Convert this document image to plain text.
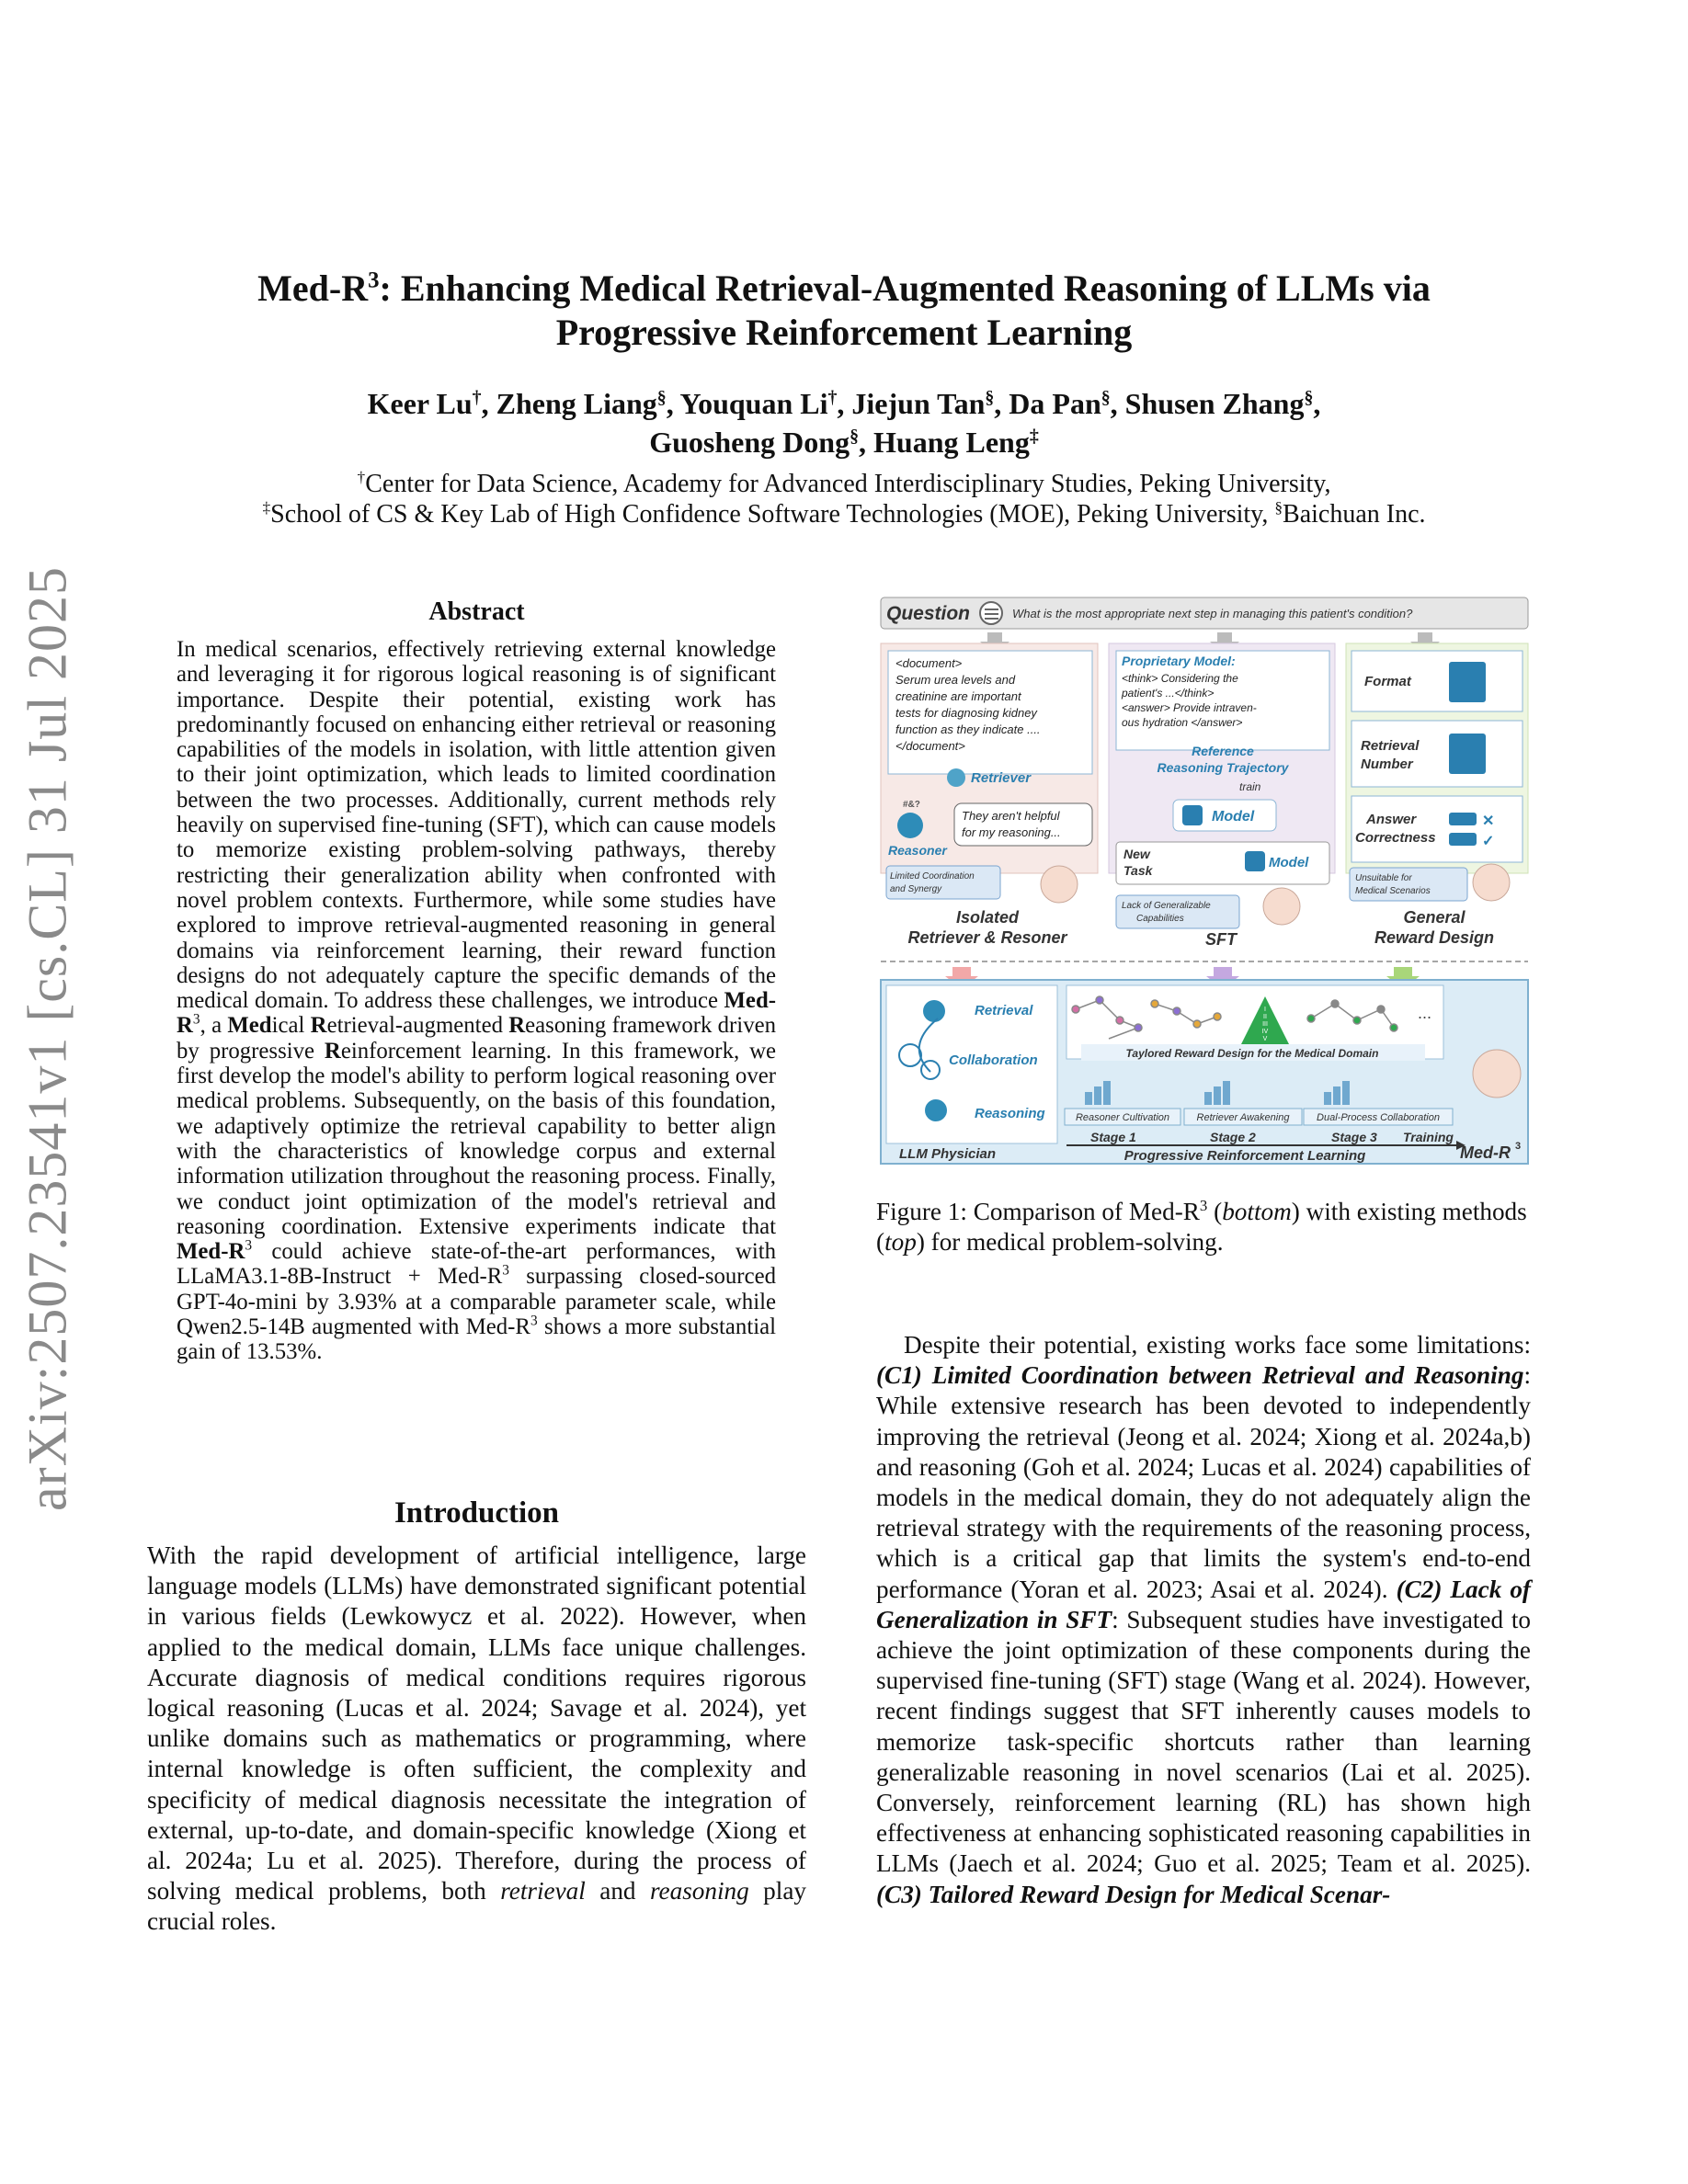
arXiv:2507.23541v1 [cs.CL] 31 Jul 2025
Med-$R^3$: Enhancing Medical Retrieval-Augmented Reasoning of LLMs via
Progressive Reinforcement Learning
Keer Lu†, Zheng Liang§, Youquan Li†, Jiejun Tan§, Da Pan§, Shusen Zhang§,
Guosheng Dong§, Huang Leng‡
†Center for Data Science, Academy for Advanced Interdisciplinary Studies, Peking University,
‡School of CS & Key Lab of High Confidence Software Technologies (MOE), Peking University, §Baichuan Inc.
Abstract
In medical scenarios, effectively retrieving external knowledge and leveraging it for rigorous logical reasoning is of significant importance. Despite their potential, existing work has predominantly focused on enhancing either retrieval or reasoning capabilities of the models in isolation, with little attention given to their joint optimization, which leads to limited coordination between the two processes. Additionally, current methods rely heavily on supervised fine-tuning (SFT), which can cause models to memorize existing problem-solving pathways, thereby restricting their generalization ability when confronted with novel problem contexts. Furthermore, while some studies have explored to improve retrieval-augmented reasoning in general domains via reinforcement learning, their reward function designs do not adequately capture the specific demands of the medical domain. To address these challenges, we introduce Med-$R^3$, a Medical Retrieval-augmented Reasoning framework driven by progressive Reinforcement learning. In this framework, we first develop the model's ability to perform logical reasoning over medical problems. Subsequently, on the basis of this foundation, we adaptively optimize the retrieval capability to better align with the characteristics of knowledge corpus and external information utilization throughout the reasoning process. Finally, we conduct joint optimization of the model's retrieval and reasoning coordination. Extensive experiments indicate that Med-$R^3$ could achieve state-of-the-art performances, with LLaMA3.1-8B-Instruct + Med-$R^3$ surpassing closed-sourced GPT-4o-mini by 3.93% at a comparable parameter scale, while Qwen2.5-14B augmented with Med-$R^3$ shows a more substantial gain of 13.53%.
Introduction
With the rapid development of artificial intelligence, large language models (LLMs) have demonstrated significant potential in various fields (Lewkowycz et al. 2022). However, when applied to the medical domain, LLMs face unique challenges. Accurate diagnosis of medical conditions requires rigorous logical reasoning (Lucas et al. 2024; Savage et al. 2024), yet unlike domains such as mathematics or programming, where internal knowledge is often sufficient, the complexity and specificity of medical diagnosis necessitate the integration of external, up-to-date, and domain-specific knowledge (Xiong et al. 2024a; Lu et al. 2025). Therefore, during the process of solving medical problems, both retrieval and reasoning play crucial roles.
Question	What is the most appropriate next step in managing this patient's condition?
<document>
Serum urea levels and
creatinine are important
tests for diagnosing kidney
function as they indicate ....
</document>
Retriever
#&?
Reasoner
They aren't helpful
for my reasoning...
Limited Coordination
and Synergy
Isolated
Retriever & Resoner
Proprietary Model:
<think> Considering the
patient's ...</think>
<answer> Provide intraven-
ous hydration </answer>
Reference
Reasoning Trajectory
train
Model
New
Task	Model
Lack of Generalizable
Capabilities
SFT
Format
Retrieval
Number
Answer
Correctness
✕
✓
Unsuitable for
Medical Scenarios
General
Reward Design
Retrieval
Collaboration
Reasoning
LLM Physician
I
II
III
IV
V
...
Taylored Reward Design for the Medical Domain
Reasoner Cultivation	Retriever Awakening	Dual-Process Collaboration
Stage 1	Stage 2	Stage 3 Training
Progressive Reinforcement Learning	Med-R 3
Figure 1: Comparison of Med-$R^3$ (bottom) with existing methods (top) for medical problem-solving.
Despite their potential, existing works face some limitations: (C1) Limited Coordination between Retrieval and Reasoning: While extensive research has been devoted to independently improving the retrieval (Jeong et al. 2024; Xiong et al. 2024a,b) and reasoning (Goh et al. 2024; Lucas et al. 2024) capabilities of models in the medical domain, they do not adequately align the retrieval strategy with the requirements of the reasoning process, which is a critical gap that limits the system's end-to-end performance (Yoran et al. 2023; Asai et al. 2024). (C2) Lack of Generalization in SFT: Subsequent studies have investigated to achieve the joint optimization of these components during the supervised fine-tuning (SFT) stage (Wang et al. 2024). However, recent findings suggest that SFT inherently causes models to memorize task-specific shortcuts rather than learning generalizable reasoning in novel scenarios (Lai et al. 2025). Conversely, reinforcement learning (RL) has shown high effectiveness at enhancing sophisticated reasoning capabilities in LLMs (Jaech et al. 2024; Guo et al. 2025; Team et al. 2025). (C3) Tailored Reward Design for Medical Scenar-
